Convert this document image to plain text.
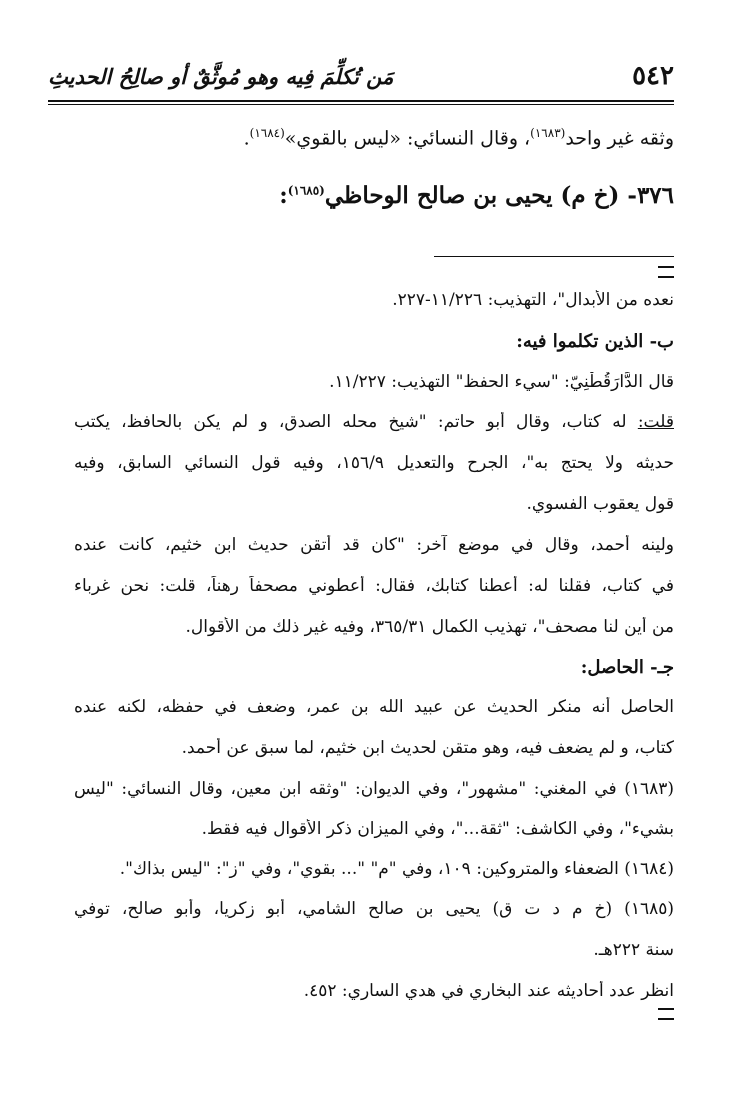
٥٤٢
مَن تُكلِّمَ فِيه وهو مُوثَّقٌ أو صالِحُ الحديثِ
وثقه غير واحد$^{(١٦٨٣)}$، وقال النسائي: «ليس بالقوي»$^{(١٦٨٤)}$.
٣٧٦- (خ م) يحيى بن صالح الوحاظي$^{(١٦٨٥)}$:
نعده من الأبدال"، التهذيب: ١١/٢٢٦-٢٢٧.
ب- الذين تكلموا فيه:
قال الدَّارَقُطْنِيّ: "سيء الحفظ" التهذيب: ١١/٢٢٧.
قلت: له كتاب، وقال أبو حاتم: "شيخ محله الصدق، و لم يكن بالحافظ، يكتب
حديثه ولا يحتج به"، الجرح والتعديل ١٥٦/٩، وفيه قول النسائي السابق، وفيه
قول يعقوب الفسوي.
ولينه أحمد، وقال في موضع آخر: "كان قد أتقن حديث ابن خثيم، كانت عنده
في كتاب، فقلنا له: أعطنا كتابك، فقال: أعطوني مصحفاً رهناً، قلت: نحن غرباء
من أين لنا مصحف"، تهذيب الكمال ٣٦٥/٣١، وفيه غير ذلك من الأقوال.
جـ- الحاصل:
الحاصل أنه منكر الحديث عن عبيد الله بن عمر، وضعف في حفظه، لكنه عنده
كتاب، و لم يضعف فيه، وهو متقن لحديث ابن خثيم، لما سبق عن أحمد.
(١٦٨٣) في المغني: "مشهور"، وفي الديوان: "وثقه ابن معين، وقال النسائي: "ليس
بشيء"، وفي الكاشف: "ثقة..."، وفي الميزان ذكر الأقوال فيه فقط.
(١٦٨٤) الضعفاء والمتروكين: ١٠٩، وفي "م" "... بقوي"، وفي "ز": "ليس بذاك".
(١٦٨٥) (خ م د ت ق) يحيى بن صالح الشامي، أبو زكريا، وأبو صالح، توفي
سنة ٢٢٢هـ.
انظر عدد أحاديثه عند البخاري في هدي الساري: ٤٥٢.
